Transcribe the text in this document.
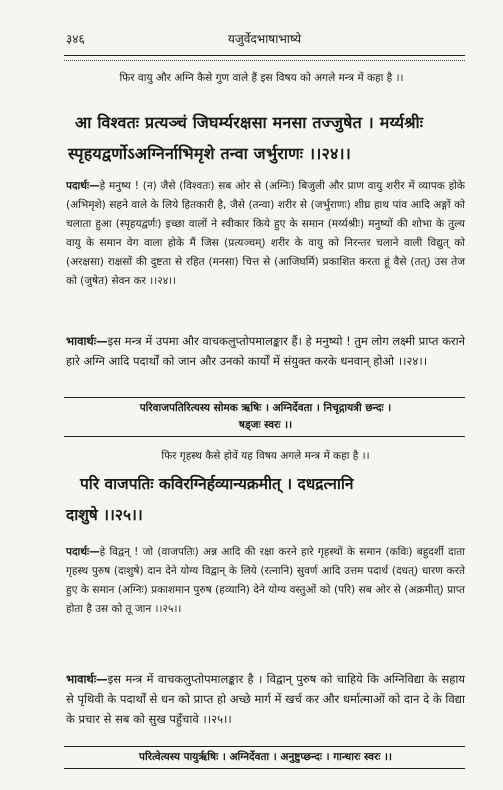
३४६	यजुर्वेदभाषाभाष्ये
फिर वायु और अग्नि कैसे गुण वाले हैं इस विषय को अगले मन्त्र में कहा है ।।
आ विश्वतः प्रत्यञ्चं जिघर्म्यरक्षसा मनसा तज्जुषेत । मर्य्यश्रीः
स्पृहयद्वर्णोऽअग्निर्नाभिमृशे तन्वा जर्भुराणः ।।२४।।
पदार्थः—हे मनुष्य ! (न) जैसे (विश्वतः) सब ओर से (अग्निः) बिजुली और प्राण वायु शरीर में व्यापक होके (अभिमृशे) सहने वाले के लिये हितकारी है, जैसे (तन्वा) शरीर से (जर्भुराणः) शीघ्र हाथ पांव आदि अङ्गों को चलाता हुआ (स्पृहयद्वर्णः) इच्छा वालों ने स्वीकार किये हुए के समान (मर्य्यश्रीः) मनुष्यों की शोभा के तुल्य वायु के समान वेग वाला होके मैं जिस (प्रत्यञ्चम्) शरीर के वायु को निरन्तर चलाने वाली विद्युत् को (अरक्षसा) राक्षसों की दुष्टता से रहित (मनसा) चित्त से (आजिघर्मि) प्रकाशित करता हूं वैसे (तत्) उस तेज को (जुषेत) सेवन कर ।।२४।।
भावार्थः—इस मन्त्र में उपमा और वाचकलुप्तोपमालङ्कार हैं। हे मनुष्यो ! तुम लोग लक्ष्मी प्राप्त कराने हारे अग्नि आदि पदार्थों को जान और उनको कार्यों में संयुक्त करके धनवान् होओ ।।२४।।
परिवाजपतिरित्यस्य सोमक ऋषिः । अग्निर्देवता । निचृद्गायत्री छन्दः ।
षड्जः स्वरः ।।
फिर गृहस्थ कैसे होवें यह विषय अगले मन्त्र में कहा है ।।
परि वाजपतिः कविरग्निर्हव्यान्यक्रमीत् । दधद्रत्नानि
दाशुषे ।।२५।।
पदार्थः—हे विद्वन् ! जो (वाजपतिः) अन्न आदि की रक्षा करने हारे गृहस्थों के समान (कविः) बहुदर्शी दाता गृहस्थ पुरुष (दाशुषे) दान देने योग्य विद्वान् के लिये (रत्नानि) सुवर्ण आदि उत्तम पदार्थ (दधत्) धारण करते हुए के समान (अग्निः) प्रकाशमान पुरुष (हव्यानि) देने योग्य वस्तुओं को (परि) सब ओर से (अक्रमीत्) प्राप्त होता है उस को तू जान ।।२५।।
भावार्थः—इस मन्त्र में वाचकलुप्तोपमालङ्कार है । विद्वान् पुरुष को चाहिये कि अग्निविद्या के सहाय से पृथिवी के पदार्थों से धन को प्राप्त हो अच्छे मार्ग में खर्च कर और धर्मात्माओं को दान दे के विद्या के प्रचार से सब को सुख पहुँचावे ।।२५।।
परित्वेत्यस्य पायुर्ऋषिः । अग्निर्देवता । अनुष्टुप्छन्दः । गान्धारः स्वरः ।।
